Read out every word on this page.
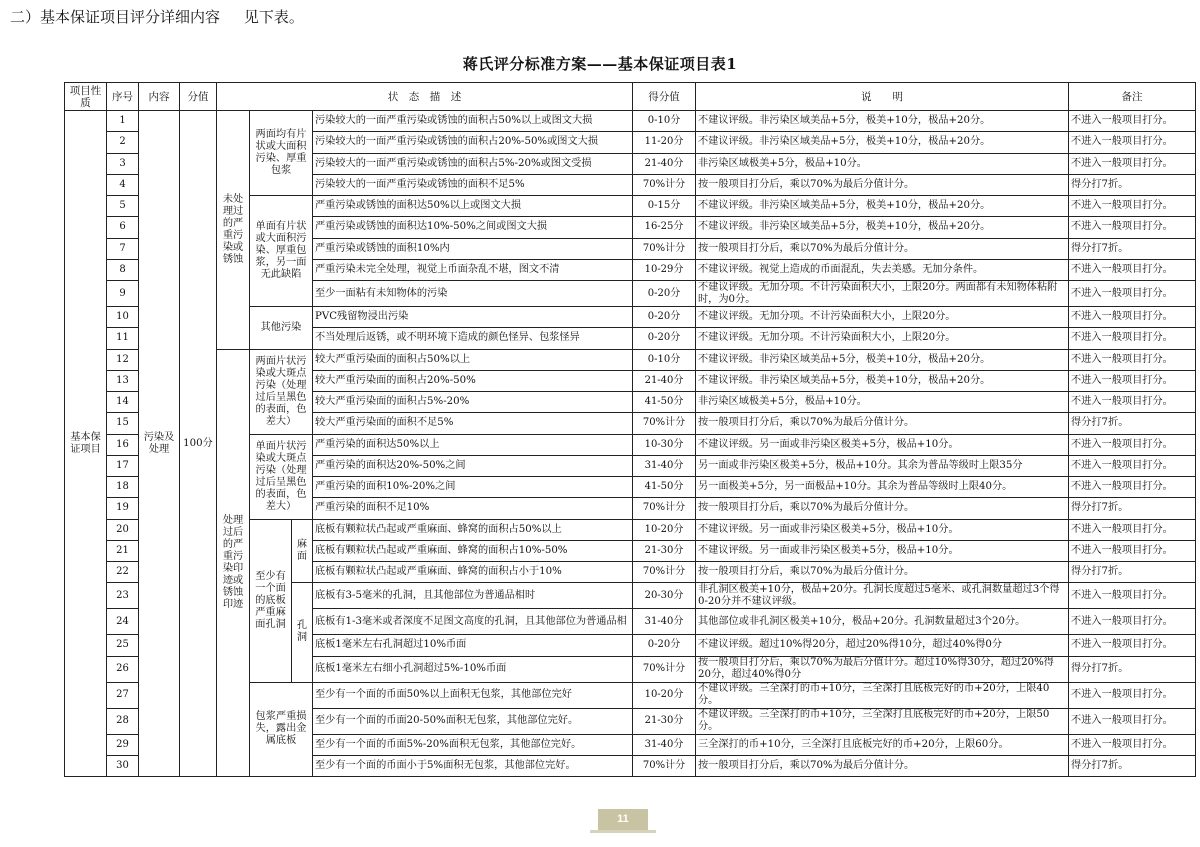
二）基本保证项目评分详细内容     见下表。
蒋氏评分标准方案——基本保证项目表1
项目性质	序号	内容	分值	状　态　描　述				得分值	说　　明	备注
基本保证项目	1	污染及处理	100分	未处理过的严重污染或锈蚀	两面均有片状或大面积污染、厚重包浆		污染较大的一面严重污染或锈蚀的面积占50%以上或图文大损	0-10分	不建议评级。非污染区域美品+5分，极美+10分，极品+20分。	不进入一般项目打分。
	2						污染较大的一面严重污染或锈蚀的面积占20%-50%或图文大损	11-20分	不建议评级。非污染区域美品+5分，极美+10分，极品+20分。	不进入一般项目打分。
	3						污染较大的一面严重污染或锈蚀的面积占5%-20%或图文受损	21-40分	非污染区域极美+5分，极品+10分。	不进入一般项目打分。
	4						污染较大的一面严重污染或锈蚀的面积不足5%	70%计分	按一般项目打分后，乘以70%为最后分值计分。	得分打7折。
	5				单面有片状或大面积污染、厚重包浆，另一面无此缺陷		严重污染或锈蚀的面积达50%以上或图文大损	0-15分	不建议评级。非污染区域美品+5分，极美+10分，极品+20分。	不进入一般项目打分。
	6						严重污染或锈蚀的面积达10%-50%之间或图文大损	16-25分	不建议评级。非污染区域美品+5分，极美+10分，极品+20分。	不进入一般项目打分。
	7						严重污染或锈蚀的面积10%内	70%计分	按一般项目打分后，乘以70%为最后分值计分。	得分打7折。
	8						严重污染未完全处理，视觉上币面杂乱不堪，图文不清	10-29分	不建议评级。视觉上造成的币面混乱，失去美感。无加分条件。	不进入一般项目打分。
	9						至少一面粘有未知物体的污染	0-20分	不建议评级。无加分项。不计污染面积大小，上限20分。两面都有未知物体粘附时，为0分。	不进入一般项目打分。
	10				其他污染		PVC残留物浸出污染	0-20分	不建议评级。无加分项。不计污染面积大小，上限20分。	不进入一般项目打分。
	11						不当处理后返锈，或不明环境下造成的颜色怪异、包浆怪异	0-20分	不建议评级。无加分项。不计污染面积大小，上限20分。	不进入一般项目打分。
	12			处理过后的严重污染印迹或锈蚀印迹	两面片状污染或大斑点污染（处理过后呈黑色的表面，色差大）		较大严重污染面的面积占50%以上	0-10分	不建议评级。非污染区域美品+5分，极美+10分，极品+20分。	不进入一般项目打分。
	13						较大严重污染面的面积占20%-50%	21-40分	不建议评级。非污染区域美品+5分，极美+10分，极品+20分。	不进入一般项目打分。
	14						较大严重污染面的面积占5%-20%	41-50分	非污染区域极美+5分，极品+10分。	不进入一般项目打分。
	15						较大严重污染面的面积不足5%	70%计分	按一般项目打分后，乘以70%为最后分值计分。	得分打7折。
	16				单面片状污染或大斑点污染（处理过后呈黑色的表面，色差大）		严重污染的面积达50%以上	10-30分	不建议评级。另一面或非污染区极美+5分，极品+10分。	不进入一般项目打分。
	17						严重污染的面积达20%-50%之间	31-40分	另一面或非污染区极美+5分，极品+10分。其余为普品等级时上限35分	不进入一般项目打分。
	18						严重污染的面积10%-20%之间	41-50分	另一面极美+5分，另一面极品+10分。其余为普品等级时上限40分。	不进入一般项目打分。
	19						严重污染的面积不足10%	70%计分	按一般项目打分后，乘以70%为最后分值计分。	得分打7折。
	20				至少有一个面的底板严重麻面孔洞	麻面	底板有颗粒状凸起或严重麻面、蜂窝的面积占50%以上	10-20分	不建议评级。另一面或非污染区极美+5分，极品+10分。	不进入一般项目打分。
	21						底板有颗粒状凸起或严重麻面、蜂窝的面积占10%-50%	21-30分	不建议评级。另一面或非污染区极美+5分，极品+10分。	不进入一般项目打分。
	22						底板有颗粒状凸起或严重麻面、蜂窝的面积占小于10%	70%计分	按一般项目打分后，乘以70%为最后分值计分。	得分打7折。
	23					孔洞	底板有3-5毫米的孔洞，且其他部位为普通品相时	20-30分	非孔洞区极美+10分，极品+20分。孔洞长度超过5毫米、或孔洞数量超过3个得0-20分并不建议评级。	不进入一般项目打分。
	24						底板有1-3毫米或者深度不足图文高度的孔洞，且其他部位为普通品相	31-40分	其他部位或非孔洞区极美+10分，极品+20分。孔洞数量超过3个20分。	不进入一般项目打分。
	25						底板1毫米左右孔洞超过10%币面	0-20分	不建议评级。超过10%得20分，超过20%得10分，超过40%得0分	不进入一般项目打分。
	26						底板1毫米左右细小孔洞超过5%-10%币面	70%计分	按一般项目打分后，乘以70%为最后分值计分。超过10%得30分，超过20%得20分，超过40%得0分	得分打7折。
	27				包浆严重损失，露出金属底板		至少有一个面的币面50%以上面积无包浆，其他部位完好	10-20分	不建议评级。三全深打的币+10分，三全深打且底板完好的币+20分，上限40分。	不进入一般项目打分。
	28						至少有一个面的币面20-50%面积无包浆，其他部位完好。	21-30分	不建议评级。三全深打的币+10分，三全深打且底板完好的币+20分，上限50分。	不进入一般项目打分。
	29						至少有一个面的币面5%-20%面积无包浆，其他部位完好。	31-40分	三全深打的币+10分，三全深打且底板完好的币+20分，上限60分。	不进入一般项目打分。
	30						至少有一个面的币面小于5%面积无包浆，其他部位完好。	70%计分	按一般项目打分后，乘以70%为最后分值计分。	得分打7折。
11
